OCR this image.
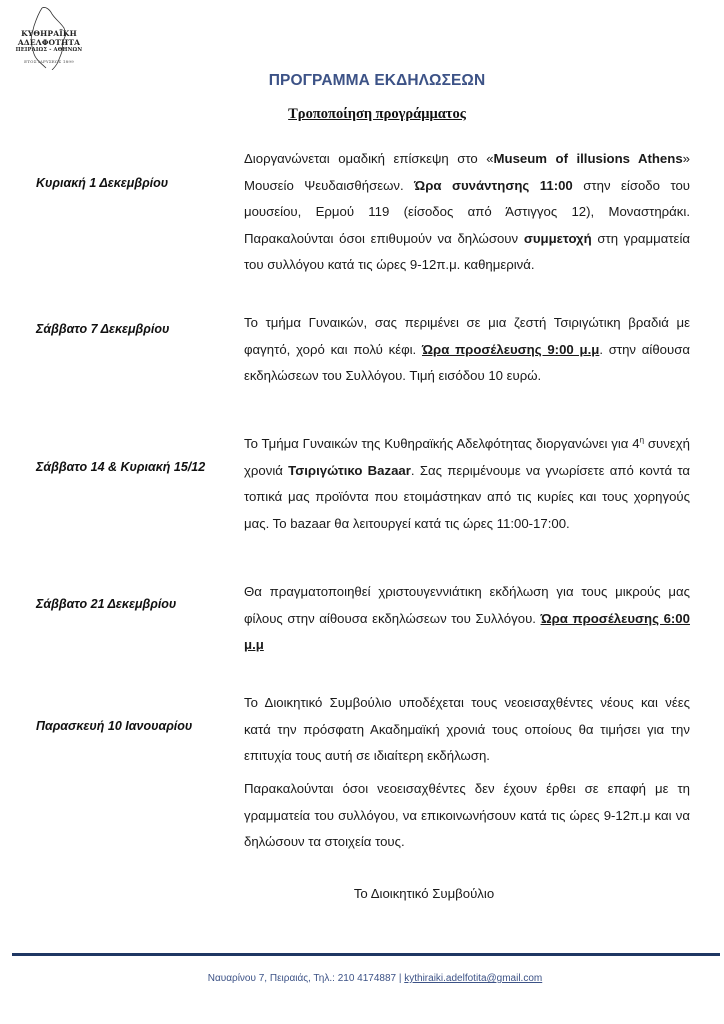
ΚΥΘΗΡΑΪΚΗ
ΑΔΕΛΦΟΤΗΤΑ
ΠΕΙΡΑΙΩΣ - ΑΘΗΝΩΝ
ΕΤΟΣ ΙΔΡΥΣΕΩΣ 1899
ΠΡΟΓΡΑΜΜΑ ΕΚΔΗΛΩΣΕΩΝ
Τροποποίηση προγράμματος
Κυριακή 1 Δεκεμβρίου
Διοργανώνεται ομαδική επίσκεψη στο «Museum of illusions Athens» Μουσείο Ψευδαισθήσεων. Ώρα συνάντησης 11:00 στην είσοδο του μουσείου, Ερμού 119 (είσοδος από Άστιγγος 12), Μοναστηράκι. Παρακαλούνται όσοι επιθυμούν να δηλώσουν συμμετοχή στη γραμματεία του συλλόγου κατά τις ώρες 9-12π.μ. καθημερινά.
Σάββατο 7 Δεκεμβρίου	Το τμήμα Γυναικών, σας περιμένει σε μια ζεστή Τσιριγώτικη βραδιά με φαγητό, χορό και πολύ κέφι. Ώρα προσέλευσης 9:00 μ.μ. στην αίθουσα εκδηλώσεων του Συλλόγου. Τιμή εισόδου 10 ευρώ.
Σάββατο 14 & Κυριακή 15/12
Το Τμήμα Γυναικών της Κυθηραϊκής Αδελφότητας διοργανώνει για $4^\eta$ συνεχή χρονιά Τσιριγώτικο Bazaar. Σας περιμένουμε να γνωρίσετε από κοντά τα τοπικά μας προϊόντα που ετοιμάστηκαν από τις κυρίες και τους χορηγούς μας. Το bazaar θα λειτουργεί κατά τις ώρες 11:00-17:00.
Σάββατο 21 Δεκεμβρίου
Θα πραγματοποιηθεί χριστουγεννιάτικη εκδήλωση για τους μικρούς μας φίλους στην αίθουσα εκδηλώσεων του Συλλόγου. Ώρα προσέλευσης 6:00 μ.μ
Παρασκευή 10 Ιανουαρίου
Το Διοικητικό Συμβούλιο υποδέχεται τους νεοεισαχθέντες νέους και νέες κατά την πρόσφατη Ακαδημαϊκή χρονιά τους οποίους θα τιμήσει για την επιτυχία τους αυτή σε ιδιαίτερη εκδήλωση.
Παρακαλούνται όσοι νεοεισαχθέντες δεν έχουν έρθει σε επαφή με τη γραμματεία του συλλόγου, να επικοινωνήσουν κατά τις ώρες 9-12π.μ και να δηλώσουν τα στοιχεία τους.
Το Διοικητικό Συμβούλιο
Ναυαρίνου 7, Πειραιάς, Τηλ.: 210 4174887 | kythiraiki.adelfotita@gmail.com
